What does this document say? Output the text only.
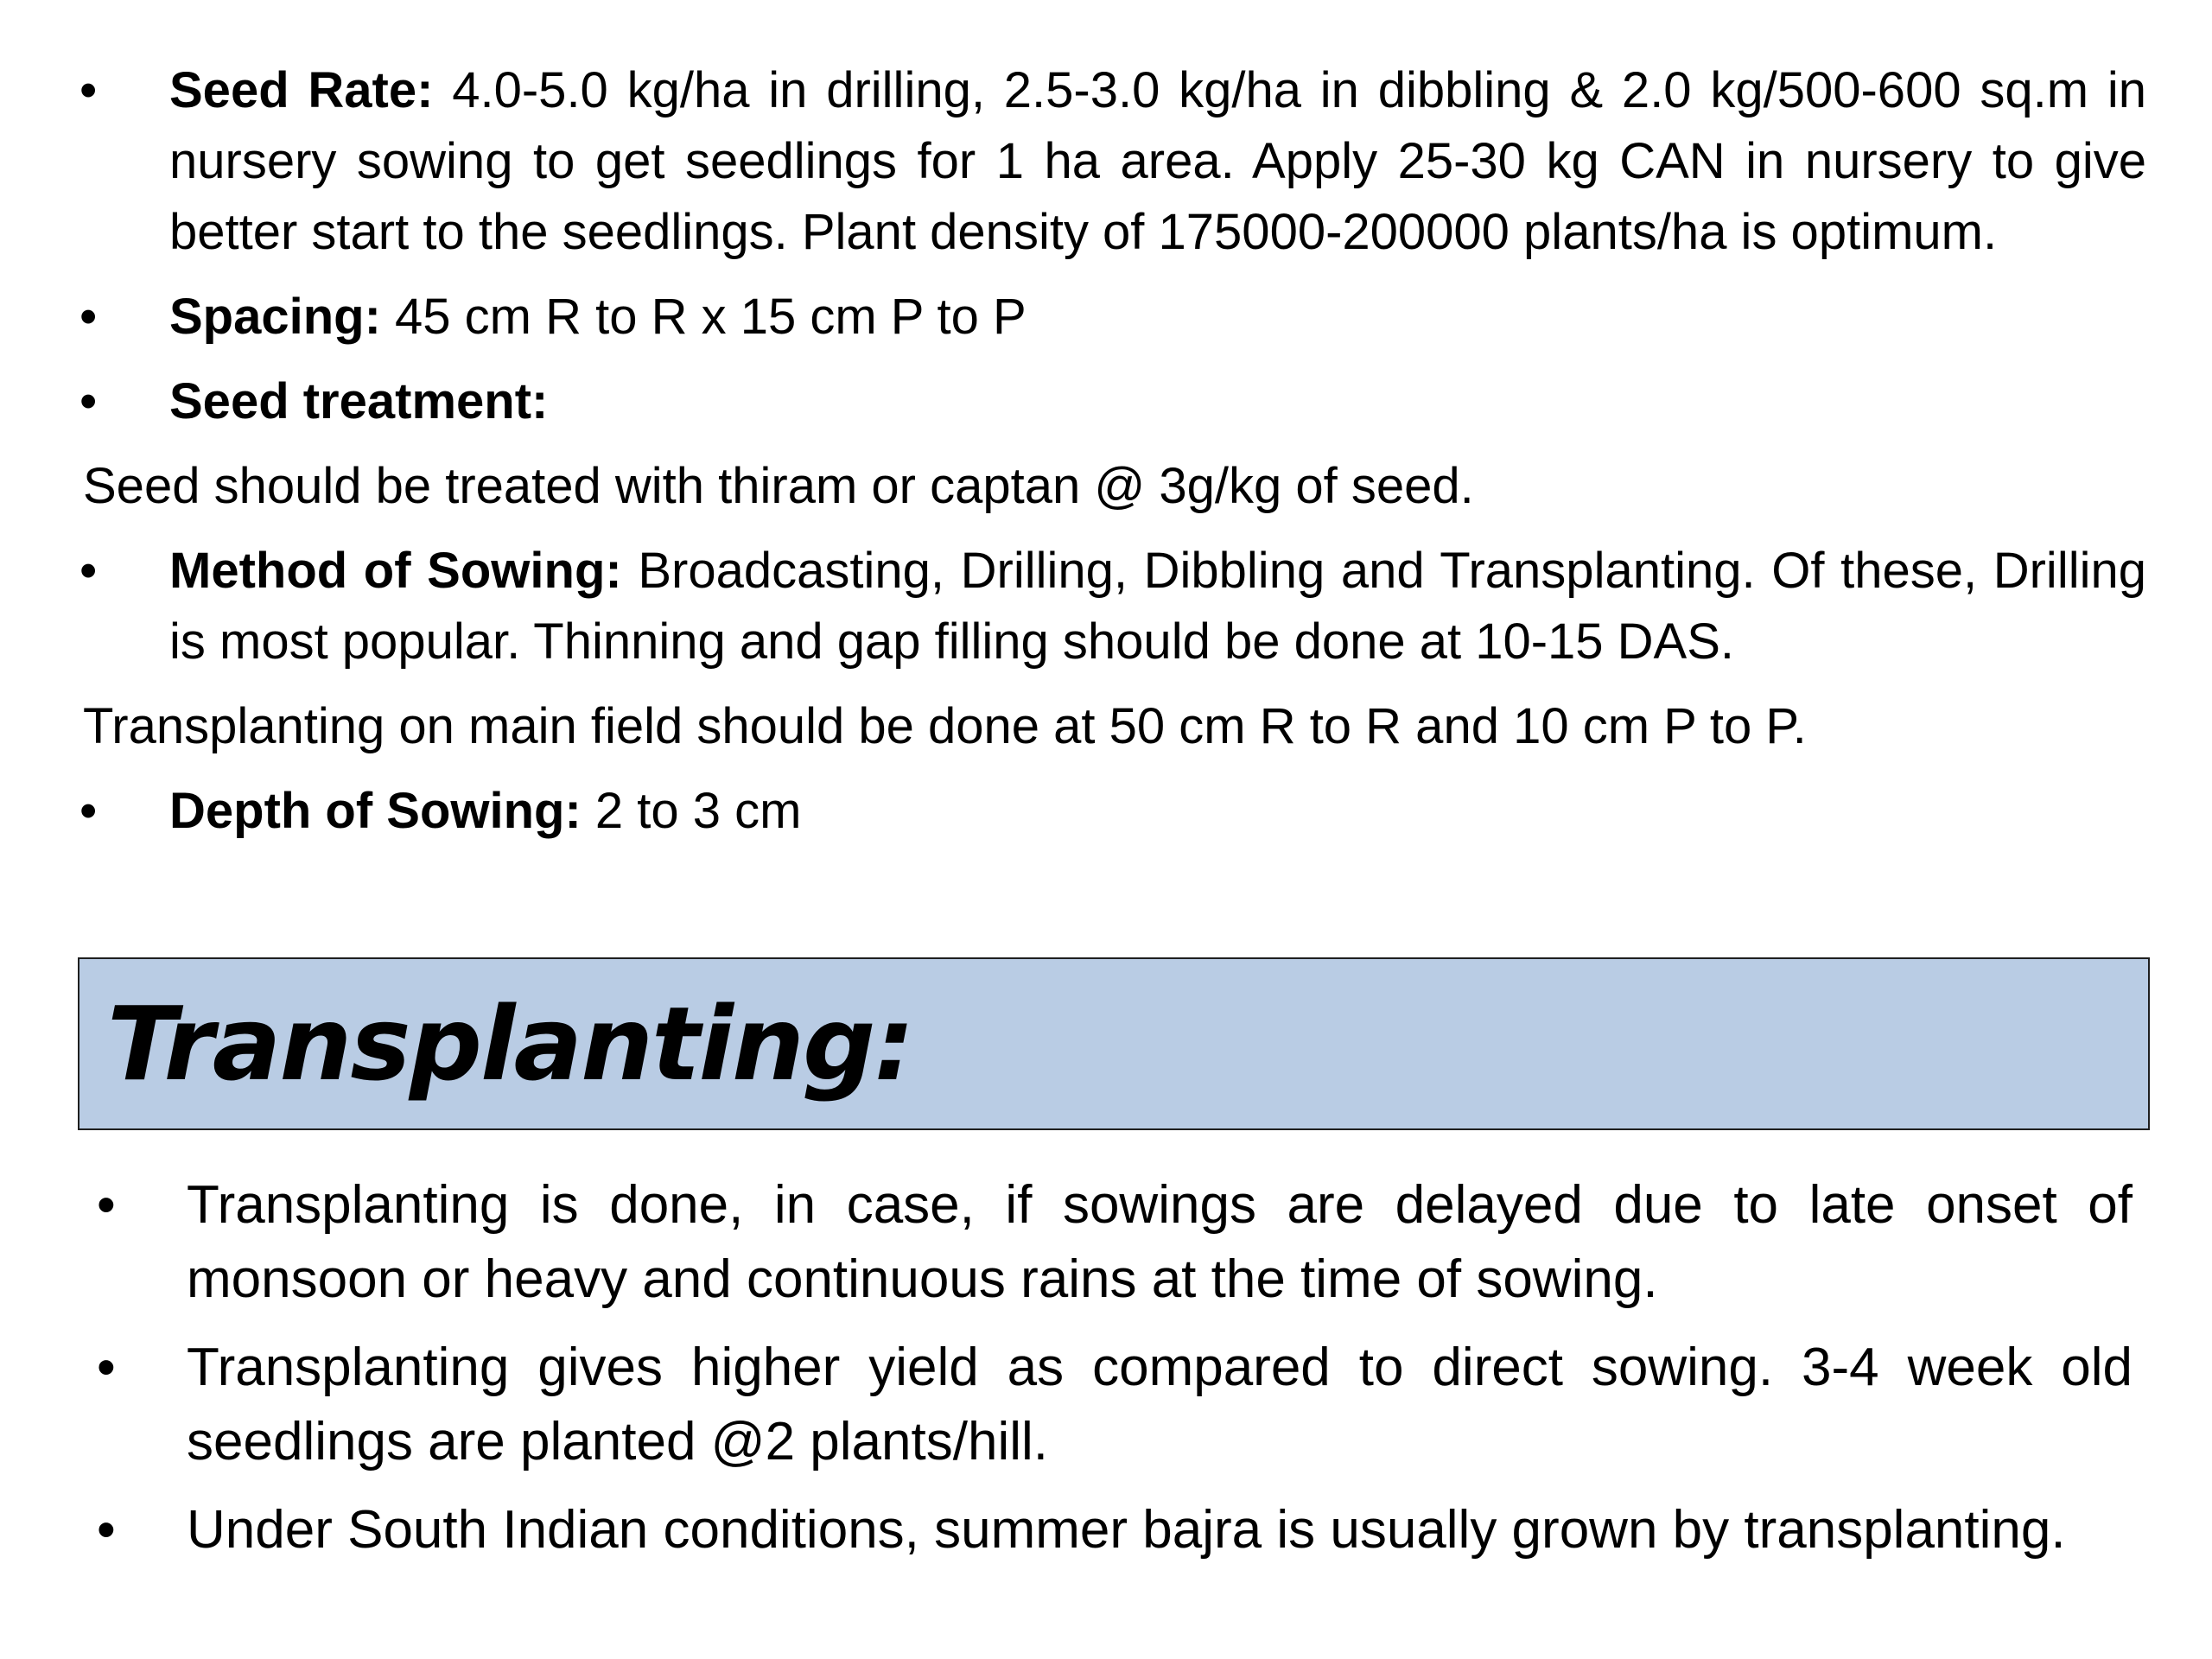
•	Seed Rate: 4.0-5.0 kg/ha in drilling, 2.5-3.0 kg/ha in dibbling & 2.0 kg/500-600 sq.m in nursery sowing to get seedlings for 1 ha area. Apply 25-30 kg CAN in nursery to give better start to the seedlings. Plant density of 175000-200000 plants/ha is optimum.
•	Spacing: 45 cm R to R x 15 cm P to P
•	Seed treatment:
Seed should be treated with thiram or captan @ 3g/kg of seed.
•	Method of Sowing: Broadcasting, Drilling, Dibbling and Transplanting. Of these, Drilling is most popular. Thinning and gap filling should be done at 10-15 DAS.
Transplanting on main field should be done at 50 cm R to R and 10 cm P to P.
•	Depth of Sowing: 2 to 3 cm
Transplanting:
• Transplanting is done, in case, if sowings are delayed due to late onset of monsoon or heavy and continuous rains at the time of sowing.
• Transplanting gives higher yield as compared to direct sowing. 3-4 week old seedlings are planted @2 plants/hill.
• Under South Indian conditions, summer bajra is usually grown by transplanting.
